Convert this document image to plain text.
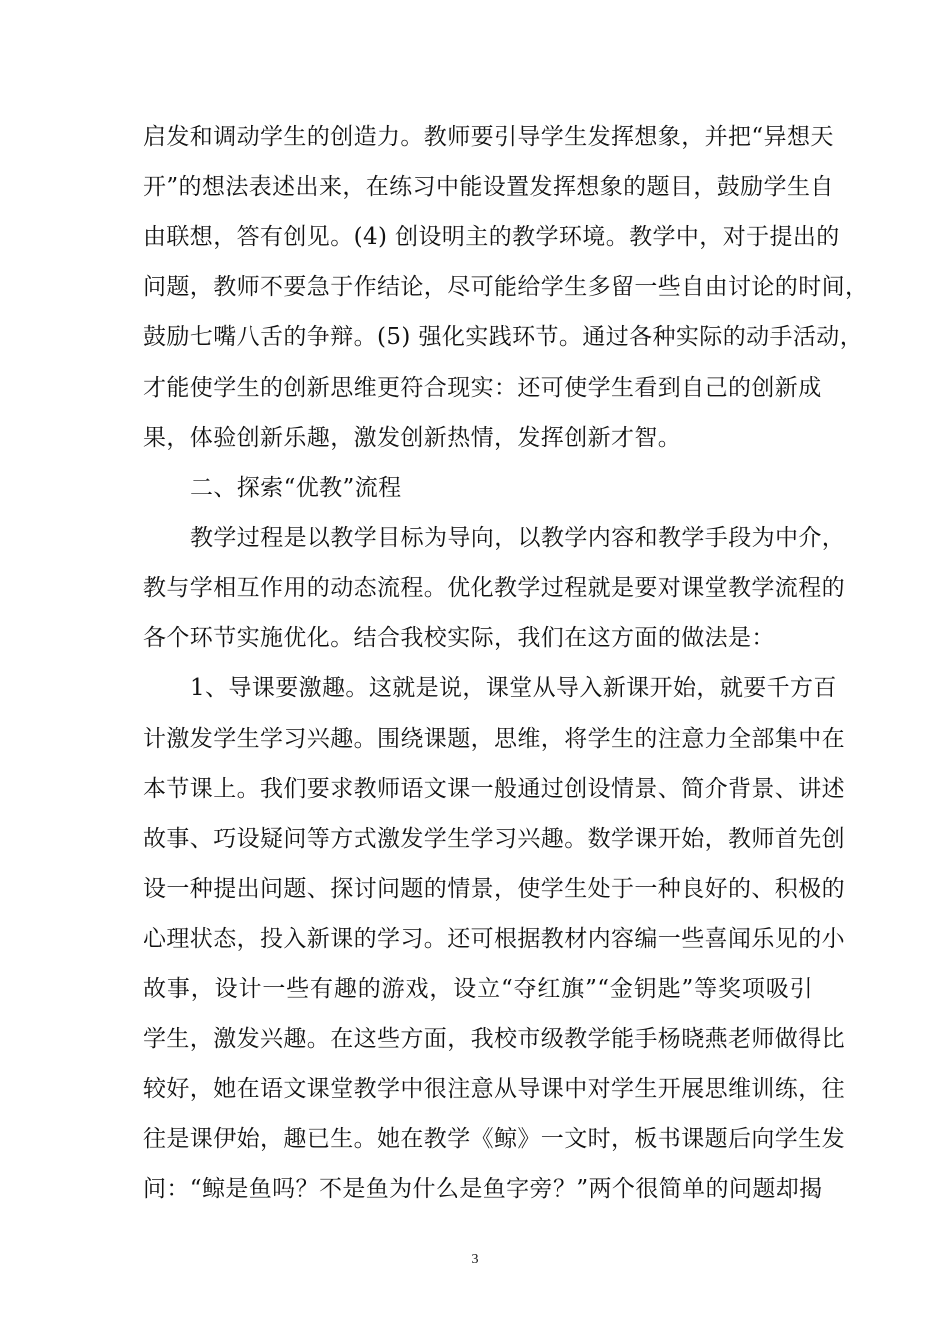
启发和调动学生的创造力。教师要引导学生发挥想象，并把“异想天
开”的想法表述出来，在练习中能设置发挥想象的题目，鼓励学生自
由联想，答有创见。(4) 创设明主的教学环境。教学中，对于提出的
问题，教师不要急于作结论，尽可能给学生多留一些自由讨论的时间，
鼓励七嘴八舌的争辩。(5) 强化实践环节。通过各种实际的动手活动，
才能使学生的创新思维更符合现实：还可使学生看到自己的创新成
果，体验创新乐趣，激发创新热情，发挥创新才智。
二、探索“优教”流程
教学过程是以教学目标为导向，以教学内容和教学手段为中介，
教与学相互作用的动态流程。优化教学过程就是要对课堂教学流程的
各个环节实施优化。结合我校实际，我们在这方面的做法是：
1、导课要激趣。这就是说，课堂从导入新课开始，就要千方百
计激发学生学习兴趣。围绕课题，思维，将学生的注意力全部集中在
本节课上。我们要求教师语文课一般通过创设情景、简介背景、讲述
故事、巧设疑问等方式激发学生学习兴趣。数学课开始，教师首先创
设一种提出问题、探讨问题的情景，使学生处于一种良好的、积极的
心理状态，投入新课的学习。还可根据教材内容编一些喜闻乐见的小
故事，设计一些有趣的游戏，设立“夺红旗”“金钥匙”等奖项吸引
学生，激发兴趣。在这些方面，我校市级教学能手杨晓燕老师做得比
较好，她在语文课堂教学中很注意从导课中对学生开展思维训练，往
往是课伊始，趣已生。她在教学《鲸》一文时，板书课题后向学生发
问：“鲸是鱼吗？不是鱼为什么是鱼字旁？”两个很简单的问题却揭
3
